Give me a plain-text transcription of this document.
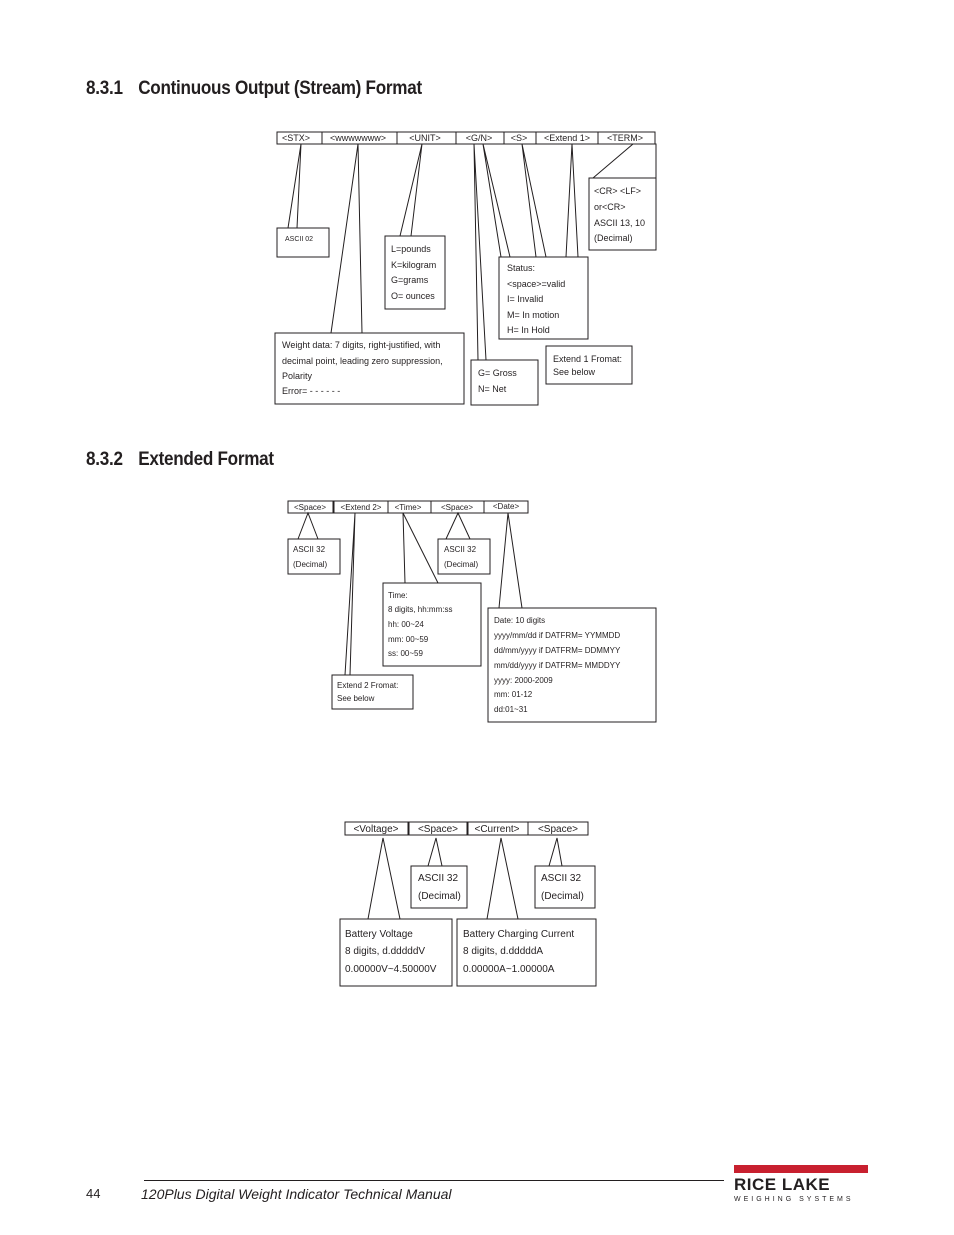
8.3.1 Continuous Output (Stream) Format
8.3.2 Extended Format
<STX> <wwwwwww>	<UNIT>	<G/N> <S> <Extend 1> <TERM>
<Space> <Extend 2> <Time> <Space> <Date>
<Voltage> <Space> <Current> <Space>
ASCII 02
L=pounds
K=kilogram
G=grams
O= ounces
Weight data: 7 digits, right-justified, with
decimal point, leading zero suppression,
Polarity
Error= - - - - - -
G= Gross
N= Net
Status:
<space>=valid
I= Invalid
M= In motion
H= In Hold
Extend 1 Fromat:
See below
<CR> <LF>
or<CR>
ASCII 13, 10
(Decimal)
ASCII 32
(Decimal)
ASCII 32
(Decimal)
Time:
8 digits, hh:mm:ss
hh: 00~24
mm: 00~59
ss: 00~59
Date: 10 digits
yyyy/mm/dd if DATFRM= YYMMDD
dd/mm/yyyy if DATFRM= DDMMYY
mm/dd/yyyy if DATFRM= MMDDYY
yyyy: 2000-2009
mm: 01-12
dd:01~31
Extend 2 Fromat:
See below
ASCII 32
(Decimal)
ASCII 32
(Decimal)
Battery Voltage
8 digits, d.dddddV
0.00000V~4.50000V
Battery Charging Current
8 digits, d.dddddA
0.00000A~1.00000A
44	120Plus Digital Weight Indicator Technical Manual	RICE LAKE
WEIGHING SYSTEMS
